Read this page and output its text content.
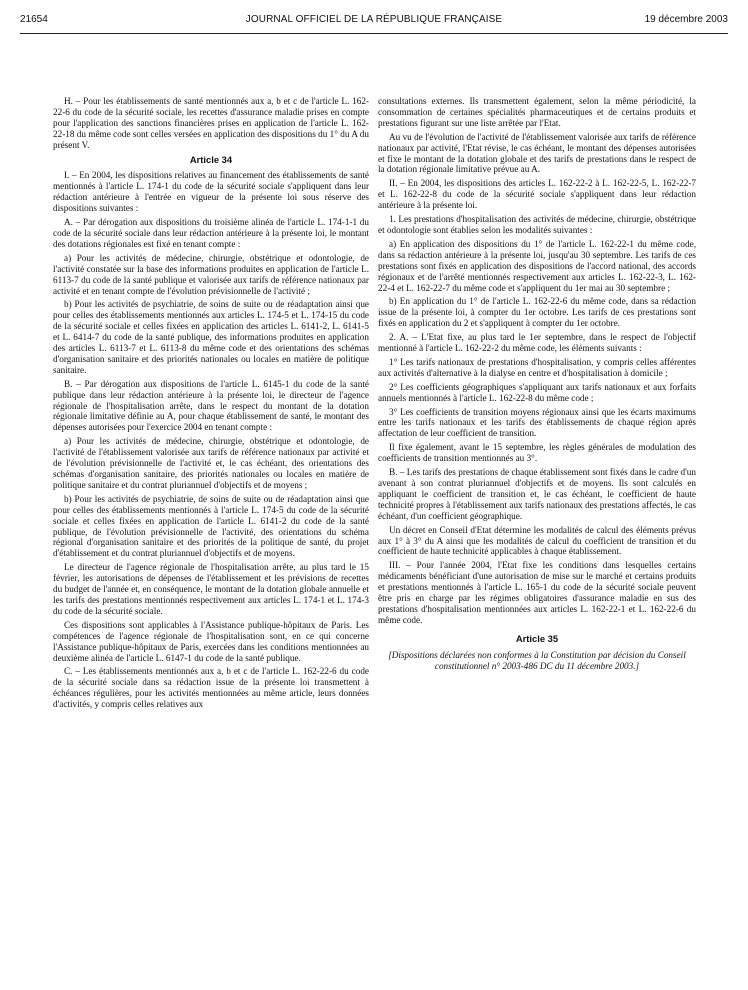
21654	JOURNAL OFFICIEL DE LA RÉPUBLIQUE FRANÇAISE	19 décembre 2003

H. – Pour les établissements de santé mentionnés aux a, b et c de l'article L. 162-22-6 du code de la sécurité sociale, les recettes d'assurance maladie prises en compte pour l'application des sanctions financières prises en application de l'article L. 162-22-18 du même code sont celles versées en application des dispositions du 1° du A du présent V.

Article 34

I. – En 2004, les dispositions relatives au financement des établissements de santé mentionnés à l'article L. 174-1 du code de la sécurité sociale s'appliquent dans leur rédaction antérieure à l'entrée en vigueur de la présente loi sous réserve des dispositions suivantes :

A. – Par dérogation aux dispositions du troisième alinéa de l'article L. 174-1-1 du code de la sécurité sociale dans leur rédaction antérieure à la présente loi, le montant des dotations régionales est fixé en tenant compte :

a) Pour les activités de médecine, chirurgie, obstétrique et odontologie, de l'activité constatée sur la base des informations produites en application de l'article L. 6113-7 du code de la santé publique et valorisée aux tarifs de référence nationaux par activité et en tenant compte de l'évolution prévisionnelle de l'activité ;

b) Pour les activités de psychiatrie, de soins de suite ou de réadaptation ainsi que pour celles des établissements mentionnés aux articles L. 174-5 et L. 174-15 du code de la sécurité sociale et celles fixées en application des articles L. 6141-2, L. 6141-5 et L. 6414-7 du code de la santé publique, des informations produites en application des articles L. 6113-7 et L. 6113-8 du même code et des orientations des schémas d'organisation sanitaire et des priorités nationales ou locales en matière de politique sanitaire.

B. – Par dérogation aux dispositions de l'article L. 6145-1 du code de la santé publique dans leur rédaction antérieure à la présente loi, le directeur de l'agence régionale de l'hospitalisation arrête, dans le respect du montant de la dotation régionale limitative définie au A, pour chaque établissement de santé, le montant des dépenses autorisées pour l'exercice 2004 en tenant compte :

a) Pour les activités de médecine, chirurgie, obstétrique et odontologie, de l'activité de l'établissement valorisée aux tarifs de référence nationaux par activité et de l'évolution prévisionnelle de l'activité et, le cas échéant, des orientations des schémas d'organisation sanitaire, des priorités nationales ou locales en matière de politique sanitaire et du contrat pluriannuel d'objectifs et de moyens ;

b) Pour les activités de psychiatrie, de soins de suite ou de réadaptation ainsi que pour celles des établissements mentionnés à l'article L. 174-5 du code de la sécurité sociale et celles fixées en application de l'article L. 6141-2 du code de la santé publique, de l'évolution prévisionnelle de l'activité, des orientations du schéma régional d'organisation sanitaire et des priorités de la politique de santé, du projet d'établissement et du contrat pluriannuel d'objectifs et de moyens.

Le directeur de l'agence régionale de l'hospitalisation arrête, au plus tard le 15 février, les autorisations de dépenses de l'établissement et les prévisions de recettes du budget de l'année et, en conséquence, le montant de la dotation globale annuelle et les tarifs des prestations mentionnés respectivement aux articles L. 174-1 et L. 174-3 du code de la sécurité sociale.

Ces dispositions sont applicables à l'Assistance publique-hôpitaux de Paris. Les compétences de l'agence régionale de l'hospitalisation sont, en ce qui concerne l'Assistance publique-hôpitaux de Paris, exercées dans les conditions mentionnées au deuxième alinéa de l'article L. 6147-1 du code de la santé publique.

C. – Les établissements mentionnés aux a, b et c de l'article L. 162-22-6 du code de la sécurité sociale dans sa rédaction issue de la présente loi transmettent à échéances régulières, pour les activités mentionnées au même article, leurs données d'activités, y compris celles relatives aux

consultations externes. Ils transmettent également, selon la même périodicité, la consommation de certaines spécialités pharmaceutiques et de certains produits et prestations figurant sur une liste arrêtée par l'Etat.

Au vu de l'évolution de l'activité de l'établissement valorisée aux tarifs de référence nationaux par activité, l'Etat révise, le cas échéant, le montant des dépenses autorisées et fixe le montant de la dotation globale et des tarifs de prestations dans le respect de la dotation régionale limitative prévue au A.

II. – En 2004, les dispositions des articles L. 162-22-2 à L. 162-22-5, L. 162-22-7 et L. 162-22-8 du code de la sécurité sociale s'appliquent dans leur rédaction antérieure à la présente loi.

1. Les prestations d'hospitalisation des activités de médecine, chirurgie, obstétrique et odontologie sont établies selon les modalités suivantes :

a) En application des dispositions du 1° de l'article L. 162-22-1 du même code, dans sa rédaction antérieure à la présente loi, jusqu'au 30 septembre. Les tarifs de ces prestations sont fixés en application des dispositions de l'accord national, des accords régionaux et de l'arrêté mentionnés respectivement aux articles L. 162-22-3, L. 162-22-4 et L. 162-22-7 du même code et s'appliquent du 1er mai au 30 septembre ;

b) En application du 1° de l'article L. 162-22-6 du même code, dans sa rédaction issue de la présente loi, à compter du 1er octobre. Les tarifs de ces prestations sont fixés en application du 2 et s'appliquent à compter du 1er octobre.

2. A. – L'Etat fixe, au plus tard le 1er septembre, dans le respect de l'objectif mentionné à l'article L. 162-22-2 du même code, les éléments suivants :

1° Les tarifs nationaux de prestations d'hospitalisation, y compris celles afférentes aux activités d'alternative à la dialyse en centre et d'hospitalisation à domicile ;

2° Les coefficients géographiques s'appliquant aux tarifs nationaux et aux forfaits annuels mentionnés à l'article L. 162-22-8 du même code ;

3° Les coefficients de transition moyens régionaux ainsi que les écarts maximums entre les tarifs nationaux et les tarifs des établissements de chaque région après affectation de leur coefficient de transition.

Il fixe également, avant le 15 septembre, les règles générales de modulation des coefficients de transition mentionnés au 3°.

B. – Les tarifs des prestations de chaque établissement sont fixés dans le cadre d'un avenant à son contrat pluriannuel d'objectifs et de moyens. Ils sont calculés en appliquant le coefficient de transition et, le cas échéant, le coefficient de haute technicité propres à l'établissement aux tarifs nationaux des prestations affectés, le cas échéant, d'un coefficient géographique.

Un décret en Conseil d'Etat détermine les modalités de calcul des éléments prévus aux 1° à 3° du A ainsi que les modalités de calcul du coefficient de transition et du coefficient de haute technicité applicables à chaque établissement.

III. – Pour l'année 2004, l'Etat fixe les conditions dans lesquelles certains médicaments bénéficiant d'une autorisation de mise sur le marché et certains produits et prestations mentionnés à l'article L. 165-1 du code de la sécurité sociale peuvent être pris en charge par les régimes obligatoires d'assurance maladie en sus des prestations d'hospitalisation mentionnées aux articles L. 162-22-1 et L. 162-22-6 du même code.

Article 35

[Dispositions déclarées non conformes à la Constitution par décision du Conseil constitutionnel n° 2003-486 DC du 11 décembre 2003.]
